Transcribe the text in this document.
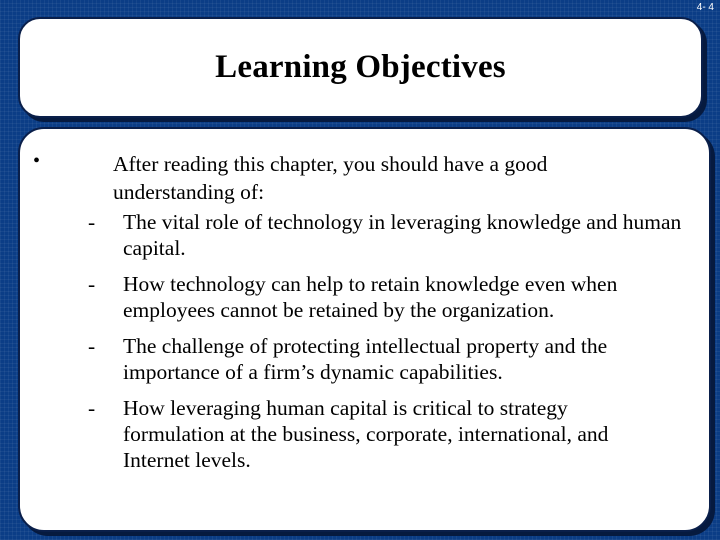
4- 4
Learning Objectives
•	After reading this chapter, you should have a good understanding of:
- The vital role of technology in leveraging knowledge and human capital.
- How technology can help to retain knowledge even when employees cannot be retained by the organization.
- The challenge of protecting intellectual property and the importance of a firm’s dynamic capabilities.
- How leveraging human capital is critical to strategy formulation at the business, corporate, international, and Internet levels.
